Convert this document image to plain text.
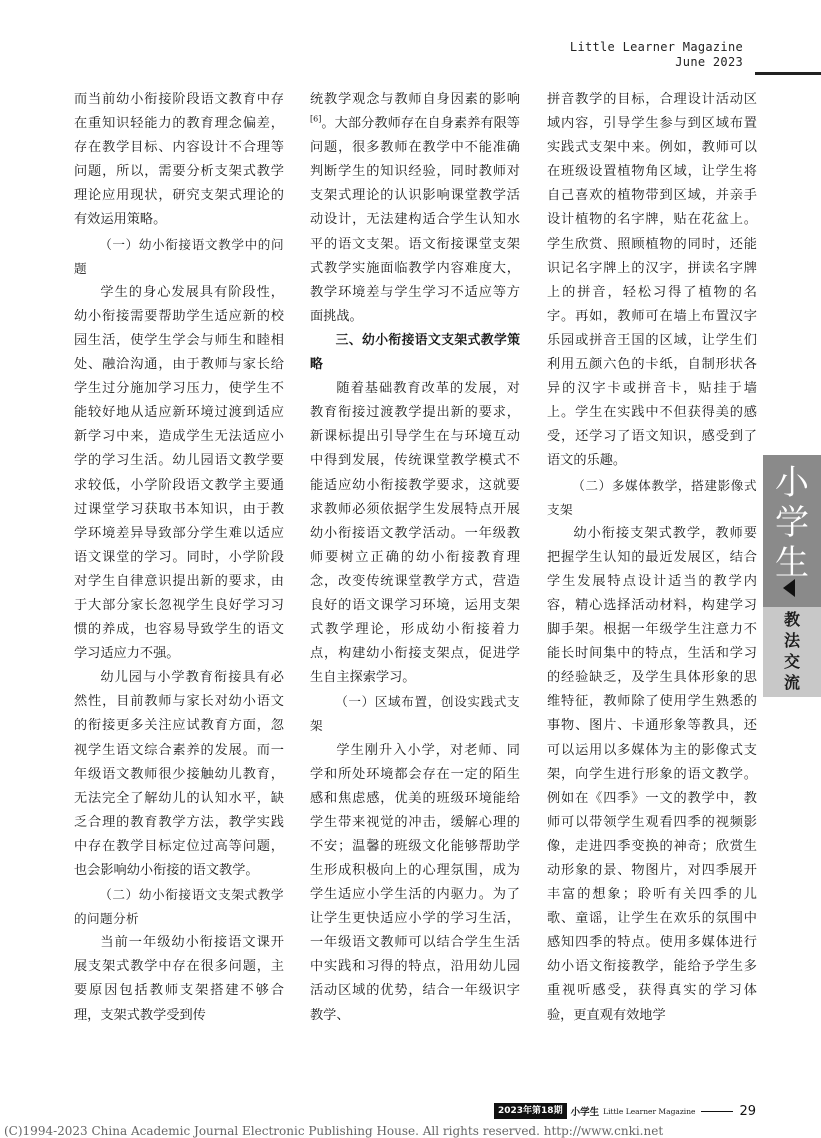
Little Learner Magazine
June 2023

而当前幼小衔接阶段语文教育中存在重知识轻能力的教育理念偏差，存在教学目标、内容设计不合理等问题，所以，需要分析支架式教学理论应用现状，研究支架式理论的有效运用策略。

（一）幼小衔接语文教学中的问题

学生的身心发展具有阶段性，幼小衔接需要帮助学生适应新的校园生活，使学生学会与师生和睦相处、融洽沟通，由于教师与家长给学生过分施加学习压力，使学生不能较好地从适应新环境过渡到适应新学习中来，造成学生无法适应小学的学习生活。幼儿园语文教学要求较低，小学阶段语文教学主要通过课堂学习获取书本知识，由于教学环境差异导致部分学生难以适应语文课堂的学习。同时，小学阶段对学生自律意识提出新的要求，由于大部分家长忽视学生良好学习习惯的养成，也容易导致学生的语文学习适应力不强。

幼儿园与小学教育衔接具有必然性，目前教师与家长对幼小语文的衔接更多关注应试教育方面，忽视学生语文综合素养的发展。而一年级语文教师很少接触幼儿教育，无法完全了解幼儿的认知水平，缺乏合理的教育教学方法，教学实践中存在教学目标定位过高等问题，也会影响幼小衔接的语文教学。

（二）幼小衔接语文支架式教学的问题分析

当前一年级幼小衔接语文课开展支架式教学中存在很多问题，主要原因包括教师支架搭建不够合理，支架式教学受到传

统教学观念与教师自身因素的影响[6]。大部分教师存在自身素养有限等问题，很多教师在教学中不能准确判断学生的知识经验，同时教师对支架式理论的认识影响课堂教学活动设计，无法建构适合学生认知水平的语文支架。语文衔接课堂支架式教学实施面临教学内容难度大，教学环境差与学生学习不适应等方面挑战。

三、幼小衔接语文支架式教学策略

随着基础教育改革的发展，对教育衔接过渡教学提出新的要求，新课标提出引导学生在与环境互动中得到发展，传统课堂教学模式不能适应幼小衔接教学要求，这就要求教师必须依据学生发展特点开展幼小衔接语文教学活动。一年级教师要树立正确的幼小衔接教育理念，改变传统课堂教学方式，营造良好的语文课学习环境，运用支架式教学理论，形成幼小衔接着力点，构建幼小衔接支架点，促进学生自主探索学习。

（一）区域布置，创设实践式支架

学生刚升入小学，对老师、同学和所处环境都会存在一定的陌生感和焦虑感，优美的班级环境能给学生带来视觉的冲击，缓解心理的不安；温馨的班级文化能够帮助学生形成积极向上的心理氛围，成为学生适应小学生活的内驱力。为了让学生更快适应小学的学习生活，一年级语文教师可以结合学生生活中实践和习得的特点，沿用幼儿园活动区域的优势，结合一年级识字教学、

拼音教学的目标，合理设计活动区域内容，引导学生参与到区域布置实践式支架中来。例如，教师可以在班级设置植物角区域，让学生将自己喜欢的植物带到区域，并亲手设计植物的名字牌，贴在花盆上。学生欣赏、照顾植物的同时，还能识记名字牌上的汉字，拼读名字牌上的拼音，轻松习得了植物的名字。再如，教师可在墙上布置汉字乐园或拼音王国的区域，让学生们利用五颜六色的卡纸，自制形状各异的汉字卡或拼音卡，贴挂于墙上。学生在实践中不但获得美的感受，还学习了语文知识，感受到了语文的乐趣。

（二）多媒体教学，搭建影像式支架

幼小衔接支架式教学，教师要把握学生认知的最近发展区，结合学生发展特点设计适当的教学内容，精心选择活动材料，构建学习脚手架。根据一年级学生注意力不能长时间集中的特点，生活和学习的经验缺乏，及学生具体形象的思维特征，教师除了使用学生熟悉的事物、图片、卡通形象等教具，还可以运用以多媒体为主的影像式支架，向学生进行形象的语文教学。例如在《四季》一文的教学中，教师可以带领学生观看四季的视频影像，走进四季变换的神奇；欣赏生动形象的景、物图片，对四季展开丰富的想象；聆听有关四季的儿歌、童谣，让学生在欢乐的氛围中感知四季的特点。使用多媒体进行幼小语文衔接教学，能给予学生多重视听感受，获得真实的学习体验，更直观有效地学

小
学
生
教
法
交
流
2023年第18期 小学生 Little Learner Magazine	29
(C)1994-2023 China Academic Journal Electronic Publishing House. All rights reserved. http://www.cnki.net
